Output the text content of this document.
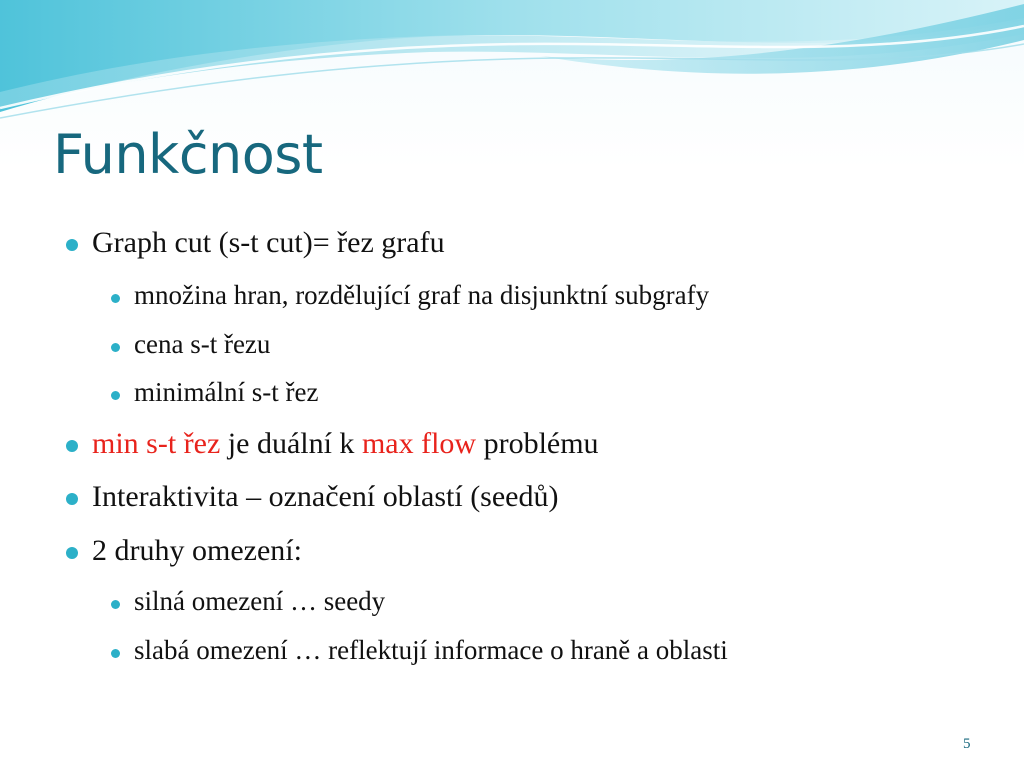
Funkčnost
Graph cut (s-t cut)= řez grafu
množina hran, rozdělující graf na disjunktní subgrafy
cena s-t řezu
minimální s-t řez
min s-t řez je duální k max flow problému
Interaktivita – označení oblastí (seedů)
2 druhy omezení:
silná omezení … seedy
slabá omezení … reflektují informace o hraně a oblasti
5
